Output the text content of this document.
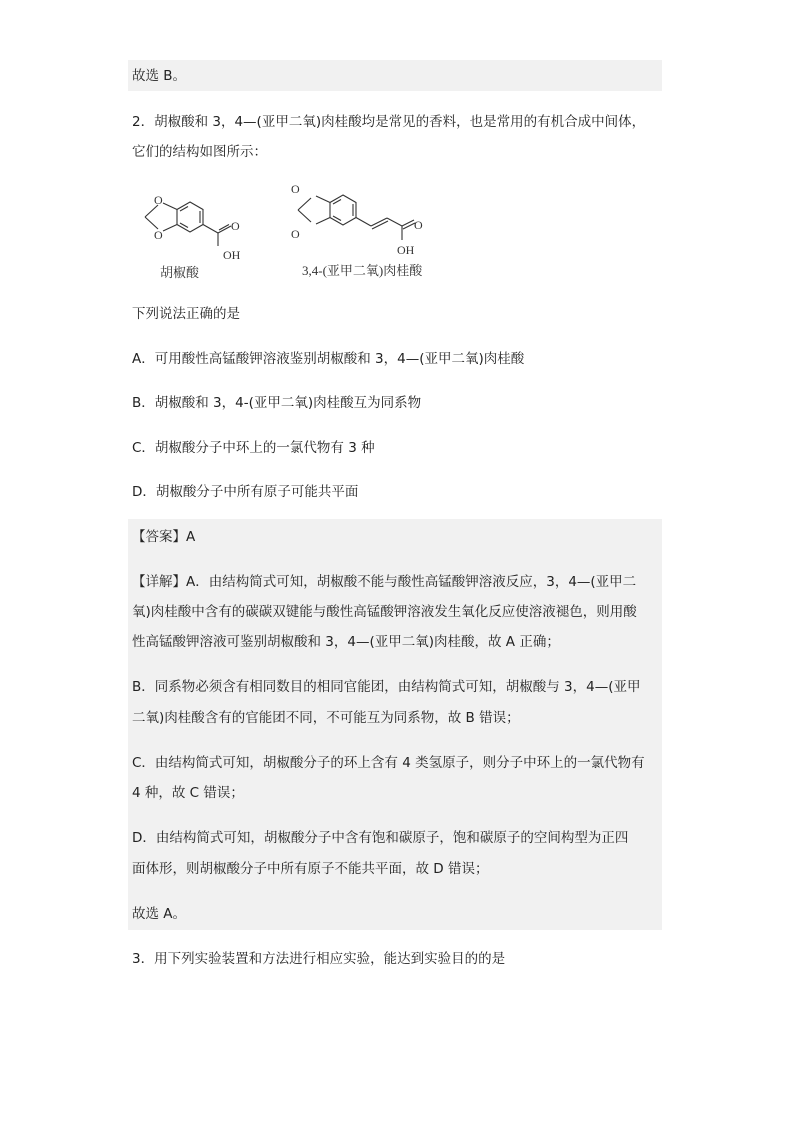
故选 B。
2．胡椒酸和 3，4—(亚甲二氧)肉桂酸均是常见的香料，也是常用的有机合成中间体，
它们的结构如图所示：
O
O
O
OH
O
O
O
OH
胡椒酸	3,4-(亚甲二氧)肉桂酸
下列说法正确的是
A．可用酸性高锰酸钾溶液鉴别胡椒酸和 3，4—(亚甲二氧)肉桂酸
B．胡椒酸和 3，4-(亚甲二氧)肉桂酸互为同系物
C．胡椒酸分子中环上的一氯代物有 3 种
D．胡椒酸分子中所有原子可能共平面
【答案】A
【详解】A．由结构简式可知，胡椒酸不能与酸性高锰酸钾溶液反应，3，4—(亚甲二
氧)肉桂酸中含有的碳碳双键能与酸性高锰酸钾溶液发生氧化反应使溶液褪色，则用酸
性高锰酸钾溶液可鉴别胡椒酸和 3，4—(亚甲二氧)肉桂酸，故 A 正确；
B．同系物必须含有相同数目的相同官能团，由结构简式可知，胡椒酸与 3，4—(亚甲
二氧)肉桂酸含有的官能团不同，不可能互为同系物，故 B 错误；
C．由结构简式可知，胡椒酸分子的环上含有 4 类氢原子，则分子中环上的一氯代物有
4 种，故 C 错误；
D．由结构简式可知，胡椒酸分子中含有饱和碳原子，饱和碳原子的空间构型为正四
面体形，则胡椒酸分子中所有原子不能共平面，故 D 错误；
故选 A。
3．用下列实验装置和方法进行相应实验，能达到实验目的的是
